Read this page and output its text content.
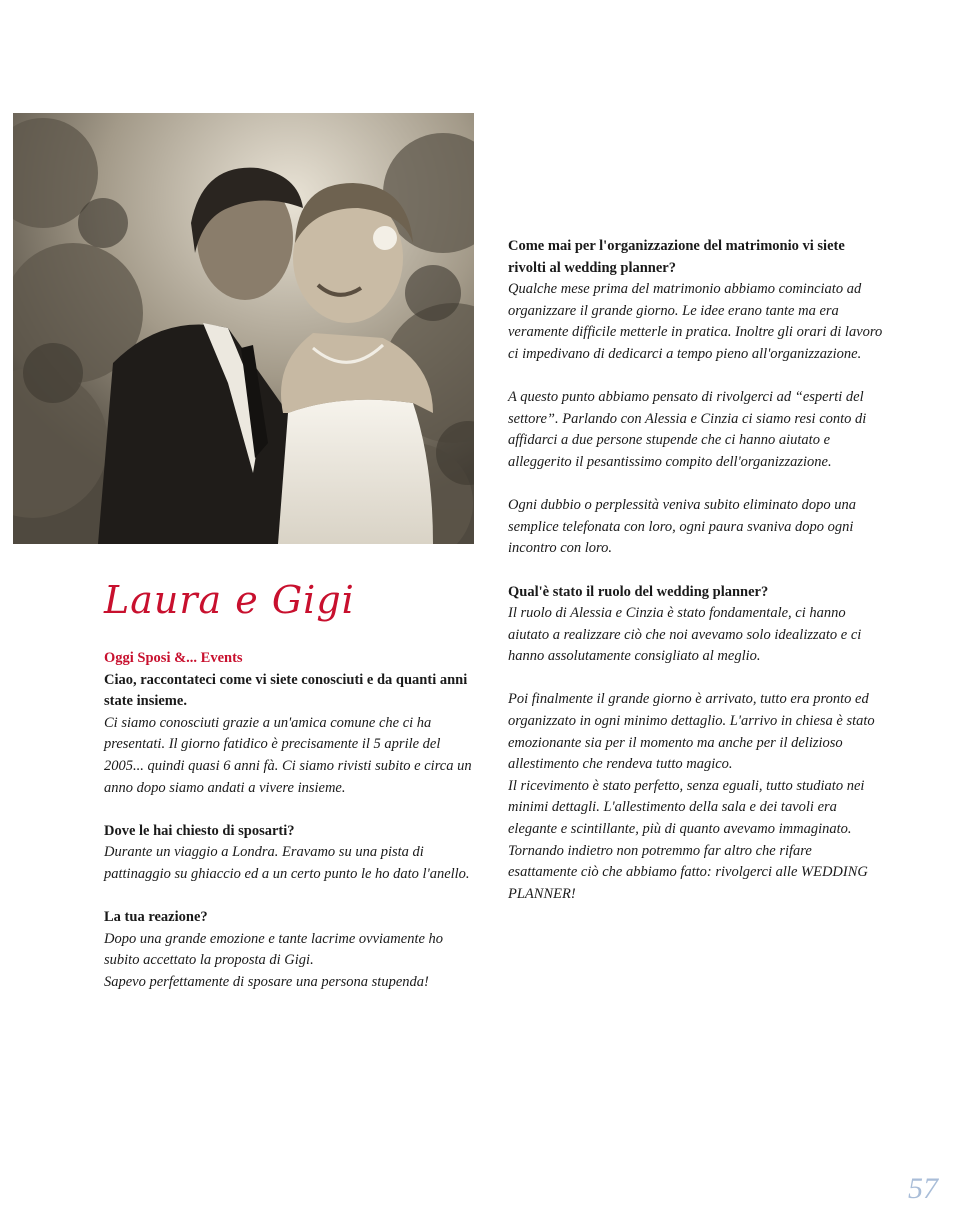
Laura e Gigi

Oggi Sposi &... Events

Ciao, raccontateci come vi siete conosciuti e da quanti anni state insieme.

Ci siamo conosciuti grazie a un'amica comune che ci ha presentati. Il giorno fatidico è precisamente il 5 aprile del 2005... quindi quasi 6 anni fà. Ci siamo rivisti subito e circa un anno dopo siamo andati a vivere insieme.

Dove le hai chiesto di sposarti?

Durante un viaggio a Londra. Eravamo su una pista di pattinaggio su ghiaccio ed a un certo punto le ho dato l'anello.

La tua reazione?

Dopo una grande emozione e tante lacrime ovviamente ho subito accettato la proposta di Gigi.

Sapevo perfettamente di sposare una persona stupenda!

Come mai per l'organizzazione del matrimonio vi siete rivolti al wedding planner?

Qualche mese prima del matrimonio abbiamo cominciato ad organizzare il grande giorno. Le idee erano tante ma era veramente difficile metterle in pratica. Inoltre gli orari di lavoro ci impedivano di dedicarci a tempo pieno all'organizzazione.

A questo punto abbiamo pensato di rivolgerci ad “esperti del settore”. Parlando con Alessia e Cinzia ci siamo resi conto di affidarci a due persone stupende che ci hanno aiutato e alleggerito il pesantissimo compito dell'organizzazione.

Ogni dubbio o perplessità veniva subito eliminato dopo una semplice telefonata con loro, ogni paura svaniva dopo ogni incontro con loro.

Qual'è stato il ruolo del wedding planner?

Il ruolo di Alessia e Cinzia è stato fondamentale, ci hanno aiutato a realizzare ciò che noi avevamo solo idealizzato e ci hanno assolutamente consigliato al meglio.

Poi finalmente il grande giorno è arrivato, tutto era pronto ed organizzato in ogni minimo dettaglio. L'arrivo in chiesa è stato emozionante sia per il momento ma anche per il delizioso allestimento che rendeva tutto magico.

Il ricevimento è stato perfetto, senza eguali, tutto studiato nei minimi dettagli. L'allestimento della sala e dei tavoli era elegante e scintillante, più di quanto avevamo immaginato. Tornando indietro non potremmo far altro che rifare esattamente ciò che abbiamo fatto: rivolgerci alle WEDDING PLANNER!

57
